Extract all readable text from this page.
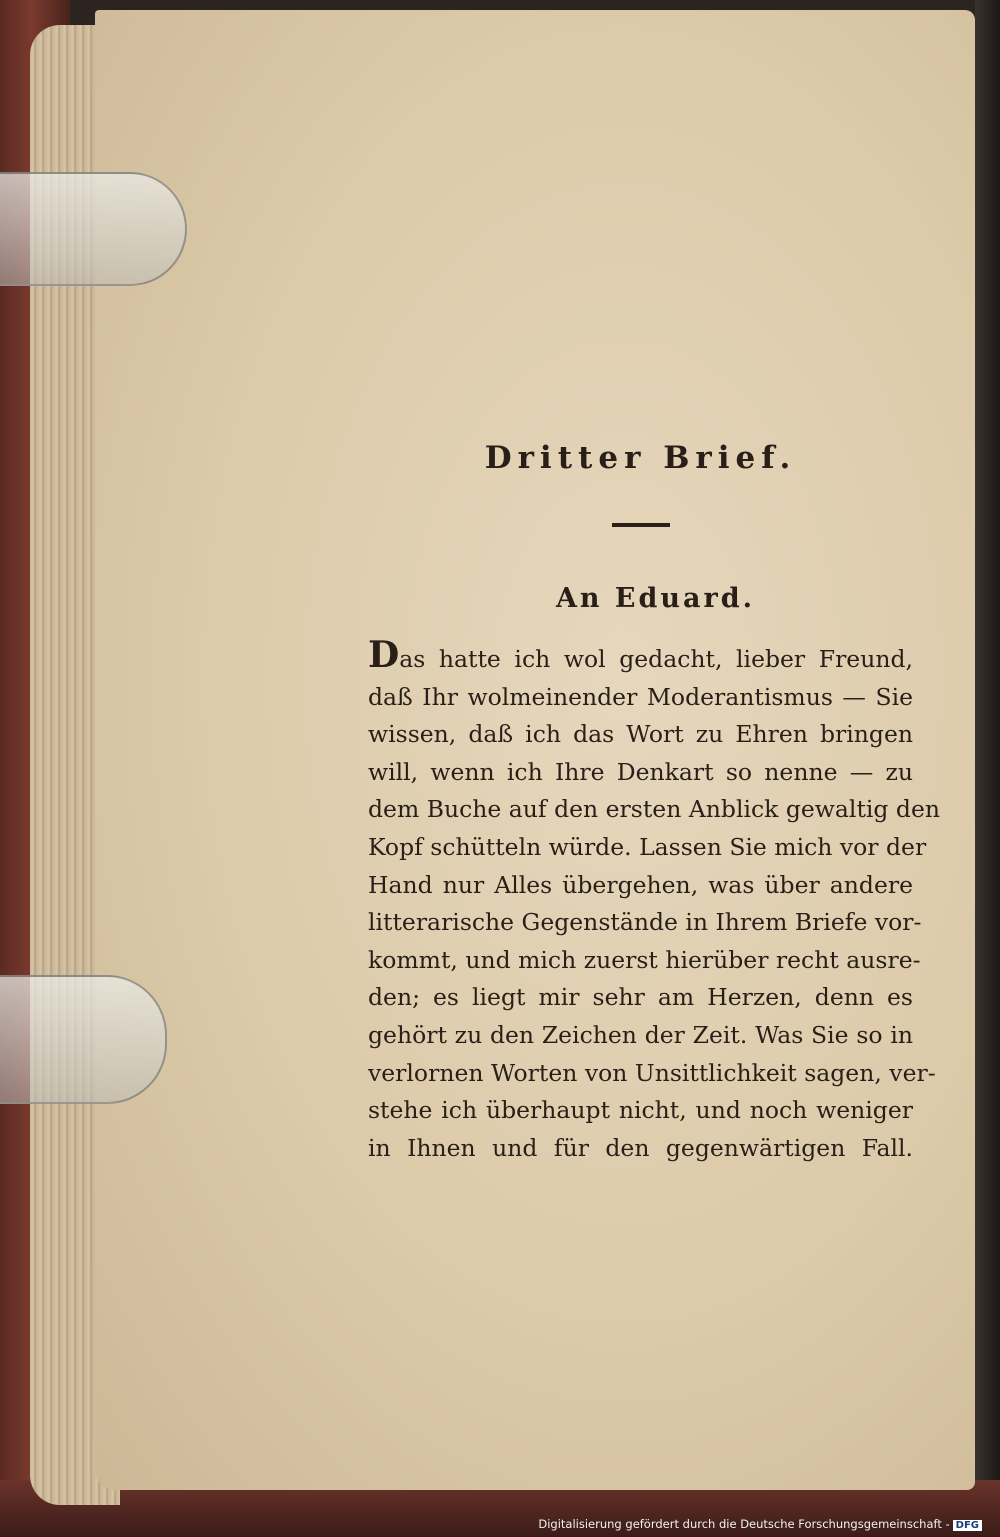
Dritter Brief.
An Eduard.
Das hatte ich wol gedacht, lieber Freund,
daß Ihr wolmeinender Moderantismus — Sie
wissen, daß ich das Wort zu Ehren bringen
will, wenn ich Ihre Denkart so nenne — zu
dem Buche auf den ersten Anblick gewaltig den
Kopf schütteln würde. Lassen Sie mich vor der
Hand nur Alles übergehen, was über andere
litterarische Gegenstände in Ihrem Briefe vor-
kommt, und mich zuerst hierüber recht ausre-
den; es liegt mir sehr am Herzen, denn es
gehört zu den Zeichen der Zeit. Was Sie so in
verlornen Worten von Unsittlichkeit sagen, ver-
stehe ich überhaupt nicht, und noch weniger
in Ihnen und für den gegenwärtigen Fall.
Digitalisierung gefördert durch die Deutsche Forschungsgemeinschaft - DFG
